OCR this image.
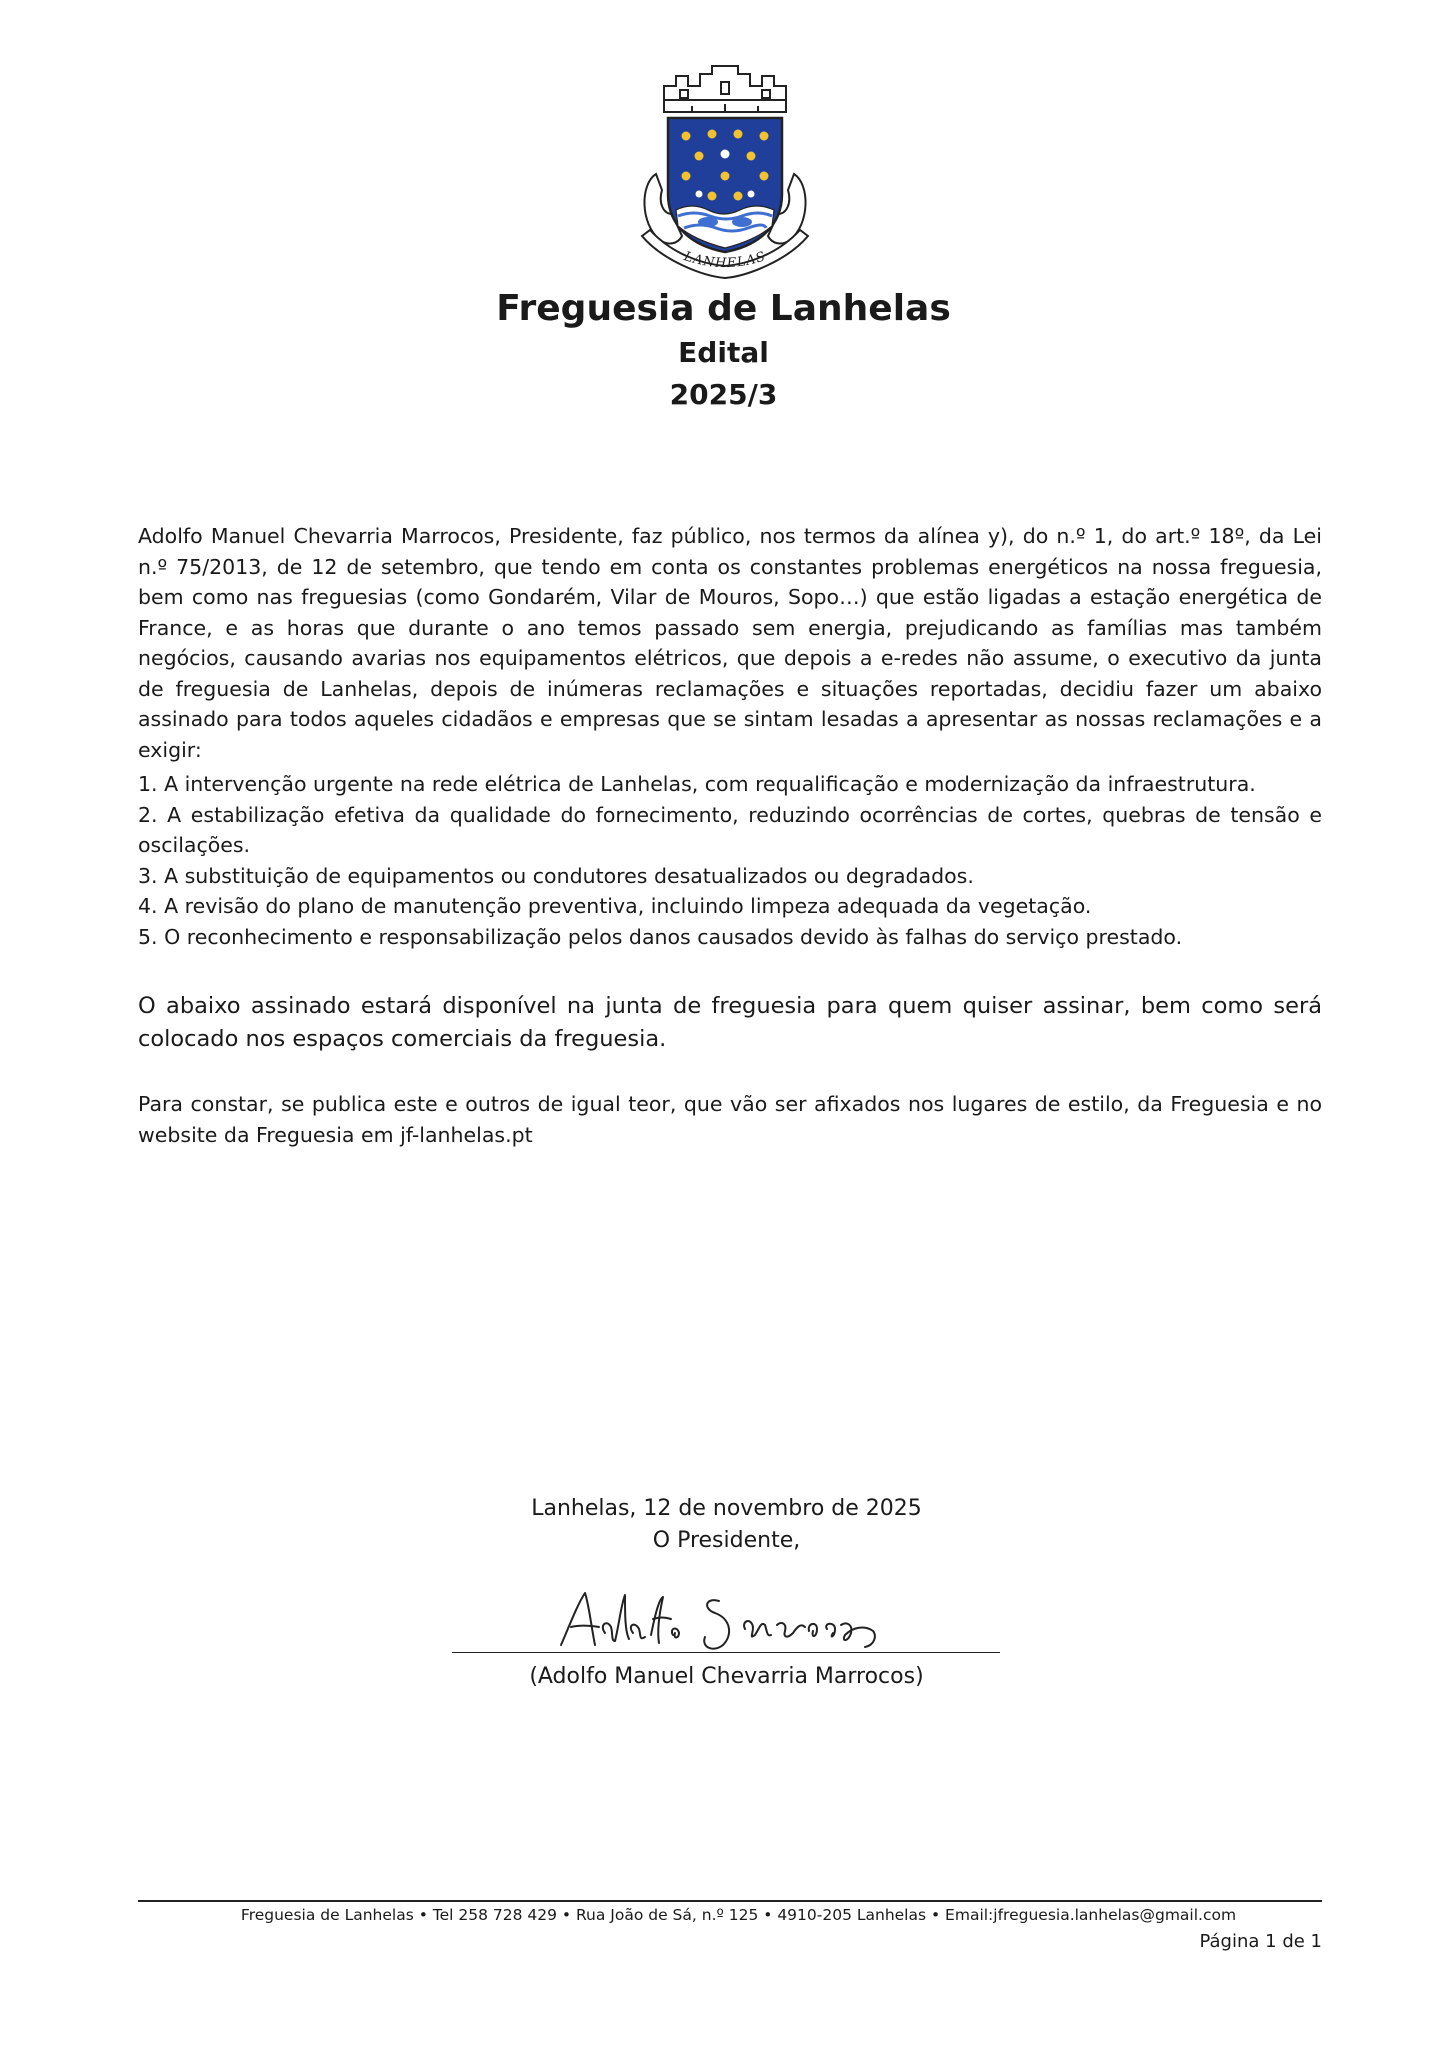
LANHELAS
Freguesia de Lanhelas
Edital
2025/3

Adolfo Manuel Chevarria Marrocos, Presidente, faz público, nos termos da alínea y), do n.º 1, do art.º 18º, da Lei n.º 75/2013, de 12 de setembro, que tendo em conta os constantes problemas energéticos na nossa freguesia, bem como nas freguesias (como Gondarém, Vilar de Mouros, Sopo…) que estão ligadas a estação energética de France, e as horas que durante o ano temos passado sem energia, prejudicando as famílias mas também negócios, causando avarias nos equipamentos elétricos, que depois a e-redes não assume, o executivo da junta de freguesia de Lanhelas, depois de inúmeras reclamações e situações reportadas, decidiu fazer um abaixo assinado para todos aqueles cidadãos e empresas que se sintam lesadas a apresentar as nossas reclamações e a exigir:

1. A intervenção urgente na rede elétrica de Lanhelas, com requalificação e modernização da infraestrutura.
2. A estabilização efetiva da qualidade do fornecimento, reduzindo ocorrências de cortes, quebras de tensão e oscilações.
3. A substituição de equipamentos ou condutores desatualizados ou degradados.
4. A revisão do plano de manutenção preventiva, incluindo limpeza adequada da vegetação.
5. O reconhecimento e responsabilização pelos danos causados devido às falhas do serviço prestado.

O abaixo assinado estará disponível na junta de freguesia para quem quiser assinar, bem como será colocado nos espaços comerciais da freguesia.

Para constar, se publica este e outros de igual teor, que vão ser afixados nos lugares de estilo, da Freguesia e no website da Freguesia em jf-lanhelas.pt

Lanhelas, 12 de novembro de 2025

O Presidente,

(Adolfo Manuel Chevarria Marrocos)

Freguesia de Lanhelas • Tel 258 728 429 • Rua João de Sá, n.º 125 • 4910-205 Lanhelas • Email:jfreguesia.lanhelas@gmail.com

Página 1 de 1
